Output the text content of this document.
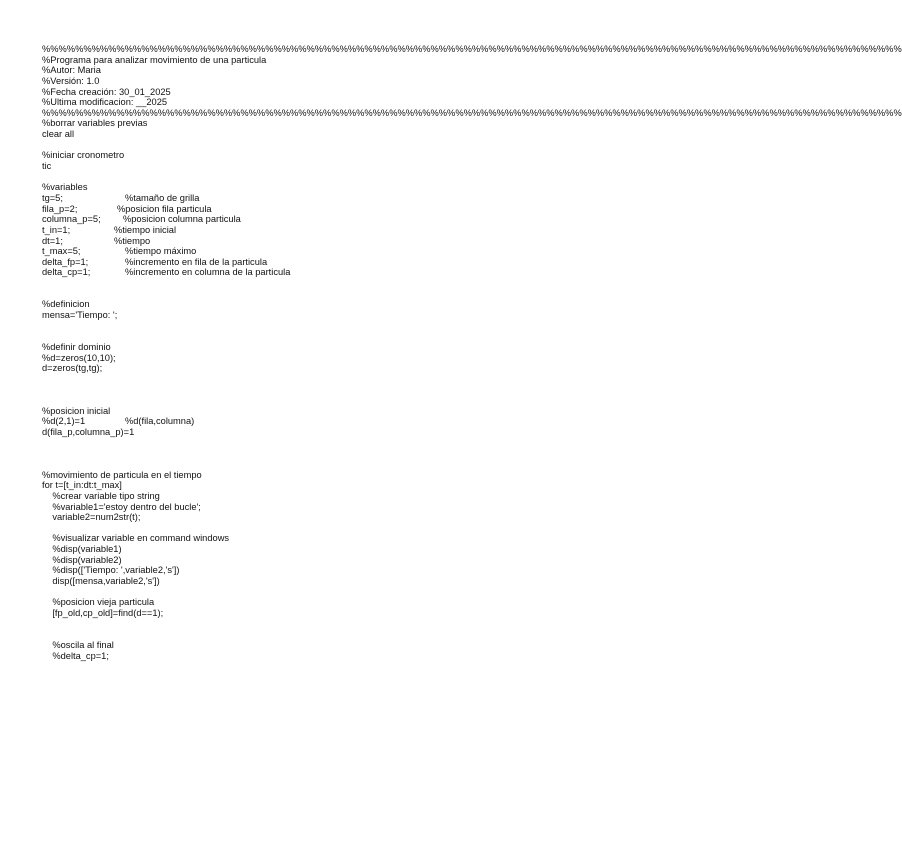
%%%%%%%%%%%%%%%%%%%%%%%%%%%%%%%%%%%%%%%%%%%%%%%%%%%%%%%%%%%%%%%%%%%%%%%%%%%%%%%%%%%%%%%%%%%%%%%%%%%%%%%%
%Programa para analizar movimiento de una particula
%Autor: Maria
%Versión: 1.0
%Fecha creación: 30_01_2025
%Ultima modificacion: __2025
%%%%%%%%%%%%%%%%%%%%%%%%%%%%%%%%%%%%%%%%%%%%%%%%%%%%%%%%%%%%%%%%%%%%%%%%%%%%%%%%%%%%%%%%%%%%%%%%%%%%%%%%
%borrar variables previas
clear all
%iniciar cronometro
tic
%variables
tg=5;	%tamaño de grilla
fila_p=2;	%posicion fila particula
columna_p=5; %posicion columna particula
t_in=1;	%tiempo inicial
dt=1;	%tiempo
t_max=5;	%tiempo máximo
delta_fp=1;	%incremento en fila de la particula
delta_cp=1;	%incremento en columna de la particula
%definicion
mensa='Tiempo: ';
%definir dominio
%d=zeros(10,10);
d=zeros(tg,tg);
%posicion inicial
%d(2,1)=1	%d(fila,columna)
d(fila_p,columna_p)=1
%movimiento de particula en el tiempo
for t=[t_in:dt:t_max]
%crear variable tipo string
%variable1='estoy dentro del bucle';
variable2=num2str(t);
%visualizar variable en command windows
%disp(variable1)
%disp(variable2)
%disp(['Tiempo: ',variable2,'s'])
disp([mensa,variable2,'s'])
%posicion vieja particula
[fp_old,cp_old]=find(d==1);
%oscila al final
%delta_cp=1;
